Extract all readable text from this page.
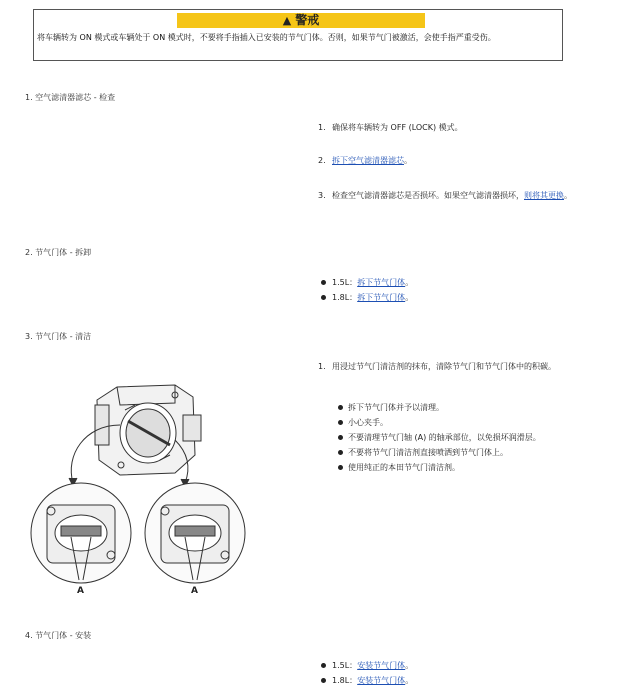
▲ 警戒
将车辆转为 ON 模式或车辆处于 ON 模式时，不要将手指插入已安装的节气门体。否则，如果节气门被激活，会使手指严重受伤。
1. 空气滤清器滤芯 - 检查
1. 确保将车辆转为 OFF (LOCK) 模式。
2. 拆下空气滤清器滤芯。
3. 检查空气滤清器滤芯是否损坏。如果空气滤清器损坏，则将其更换。
2. 节气门体 - 拆卸
1.5L：拆下节气门体。
1.8L：拆下节气门体。
3. 节气门体 - 清洁
1. 用浸过节气门清洁剂的抹布，清除节气门和节气门体中的积碳。
拆下节气门体并予以清理。
小心夹手。
不要清理节气门轴 (A) 的轴承部位，以免损坏润滑层。
不要将节气门清洁剂直接喷洒到节气门体上。
使用纯正的本田节气门清洁剂。
A	A
4. 节气门体 - 安装
1.5L：安装节气门体。
1.8L：安装节气门体。
